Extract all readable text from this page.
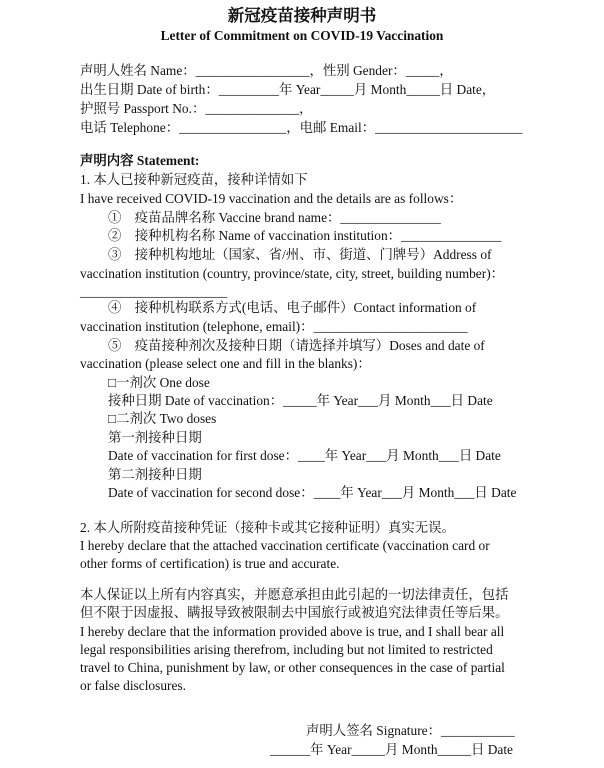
新冠疫苗接种声明书
Letter of Commitment on COVID-19 Vaccination
声明人姓名 Name：_________________，性别 Gender：_____，
出生日期 Date of birth：_________年 Year_____月 Month_____日 Date，
护照号 Passport No.：______________，
电话 Telephone：________________，电邮 Email：______________________
声明内容 Statement:
1. 本人已接种新冠疫苗，接种详情如下
I have received COVID-19 vaccination and the details are as follows：
①　疫苗品牌名称 Vaccine brand name：_______________
②　接种机构名称 Name of vaccination institution：_______________
③　接种机构地址（国家、省/州、市、街道、门牌号）Address of
vaccination institution (country, province/state, city, street, building number)：
______________________
④　接种机构联系方式(电话、电子邮件）Contact information of
vaccination institution (telephone, email)：_______________________
⑤　疫苗接种剂次及接种日期（请选择并填写）Doses and date of
vaccination (please select one and fill in the blanks)：
□一剂次 One dose
接种日期 Date of vaccination：_____年 Year___月 Month___日 Date
□二剂次 Two doses
第一剂接种日期
Date of vaccination for first dose：____年 Year___月 Month___日 Date
第二剂接种日期
Date of vaccination for second dose：____年 Year___月 Month___日 Date
2. 本人所附疫苗接种凭证（接种卡或其它接种证明）真实无误。
I hereby declare that the attached vaccination certificate (vaccination card or
other forms of certification) is true and accurate.
本人保证以上所有内容真实，并愿意承担由此引起的一切法律责任，包括
但不限于因虚报、瞒报导致被限制去中国旅行或被追究法律责任等后果。
I hereby declare that the information provided above is true, and I shall bear all
legal responsibilities arising therefrom, including but not limited to restricted
travel to China, punishment by law, or other consequences in the case of partial
or false disclosures.
声明人签名 Signature：___________
______年 Year_____月 Month_____日 Date
